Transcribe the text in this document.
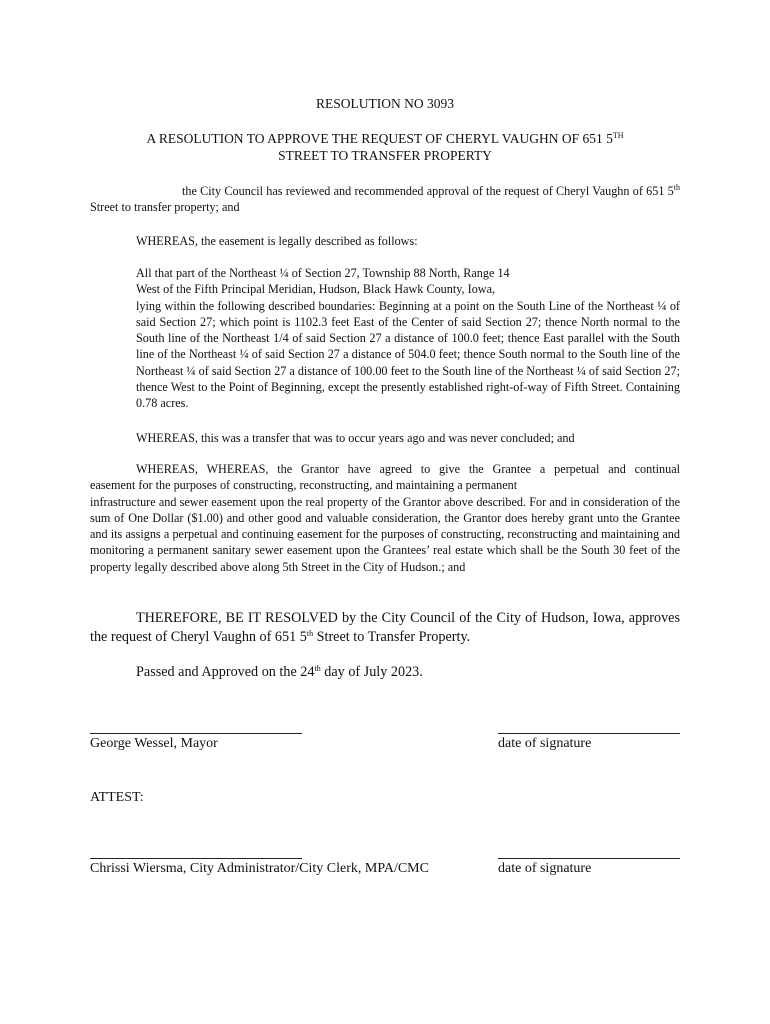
RESOLUTION NO 3093
A RESOLUTION TO APPROVE THE REQUEST OF CHERYL VAUGHN OF 651 5TH
STREET TO TRANSFER PROPERTY

the City Council has reviewed and recommended approval of the request of Cheryl Vaughn of 651 5th Street to transfer property; and

WHEREAS, the easement is legally described as follows:

All that part of the Northeast ¼ of Section 27, Township 88 North, Range 14
West of the Fifth Principal Meridian, Hudson, Black Hawk County, Iowa,
lying within the following described boundaries: Beginning at a point on the South Line of the Northeast ¼ of said Section 27; which point is 1102.3 feet East of the Center of said Section 27; thence North normal to the South line of the Northeast 1/4 of said Section 27 a distance of 100.0 feet; thence East parallel with the South line of the Northeast ¼ of said Section 27 a distance of 504.0 feet; thence South normal to the South line of the Northeast ¼ of said Section 27 a distance of 100.00 feet to the South line of the Northeast ¼ of said Section 27; thence West to the Point of Beginning, except the presently established right-of-way of Fifth Street. Containing 0.78 acres.

WHEREAS, this was a transfer that was to occur years ago and was never concluded; and

WHEREAS, WHEREAS, the Grantor have agreed to give the Grantee a perpetual and continual
easement for the purposes of constructing, reconstructing, and maintaining a permanent
infrastructure and sewer easement upon the real property of the Grantor above described. For and in consideration of the sum of One Dollar ($1.00) and other good and valuable consideration, the Grantor does hereby grant unto the Grantee and its assigns a perpetual and continuing easement for the purposes of constructing, reconstructing and maintaining and monitoring a permanent sanitary sewer easement upon the Grantees’ real estate which shall be the South 30 feet of the property legally described above along 5th Street in the City of Hudson.; and

THEREFORE, BE IT RESOLVED by the City Council of the City of Hudson, Iowa, approves the request of Cheryl Vaughn of 651 5th Street to Transfer Property.

Passed and Approved on the 24th day of July 2023.

George Wessel, Mayor	date of signature
ATTEST:
Chrissi Wiersma, City Administrator/City Clerk, MPA/CMC	date of signature
